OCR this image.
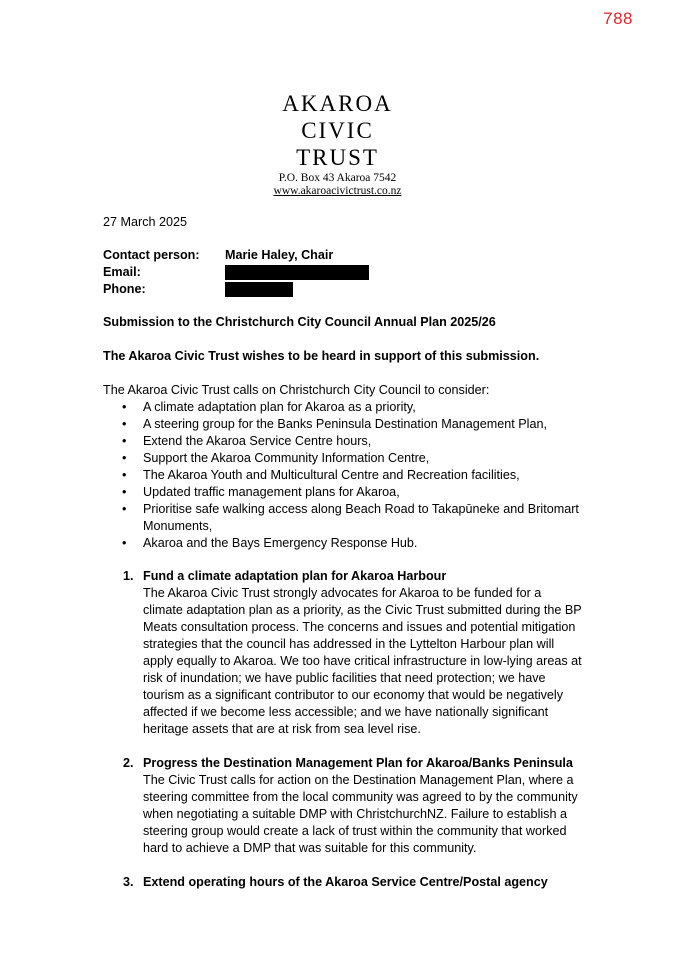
788
AKAROA
CIVIC
TRUST
P.O. Box 43 Akaroa 7542
www.akaroacivictrust.co.nz
27 March 2025
Contact person:	Marie Haley, Chair
Email:
Phone:
Submission to the Christchurch City Council Annual Plan 2025/26
The Akaroa Civic Trust wishes to be heard in support of this submission.
The Akaroa Civic Trust calls on Christchurch City Council to consider:
• A climate adaptation plan for Akaroa as a priority,
• A steering group for the Banks Peninsula Destination Management Plan,
• Extend the Akaroa Service Centre hours,
• Support the Akaroa Community Information Centre,
• The Akaroa Youth and Multicultural Centre and Recreation facilities,
• Updated traffic management plans for Akaroa,
• Prioritise safe walking access along Beach Road to Takapūneke and Britomart Monuments,
• Akaroa and the Bays Emergency Response Hub.
1. Fund a climate adaptation plan for Akaroa Harbour
The Akaroa Civic Trust strongly advocates for Akaroa to be funded for a climate adaptation plan as a priority, as the Civic Trust submitted during the BP Meats consultation process. The concerns and issues and potential mitigation strategies that the council has addressed in the Lyttelton Harbour plan will apply equally to Akaroa. We too have critical infrastructure in low-lying areas at risk of inundation; we have public facilities that need protection; we have tourism as a significant contributor to our economy that would be negatively affected if we become less accessible; and we have nationally significant heritage assets that are at risk from sea level rise.
2. Progress the Destination Management Plan for Akaroa/Banks Peninsula
The Civic Trust calls for action on the Destination Management Plan, where a steering committee from the local community was agreed to by the community when negotiating a suitable DMP with ChristchurchNZ. Failure to establish a steering group would create a lack of trust within the community that worked hard to achieve a DMP that was suitable for this community.
3. Extend operating hours of the Akaroa Service Centre/Postal agency
